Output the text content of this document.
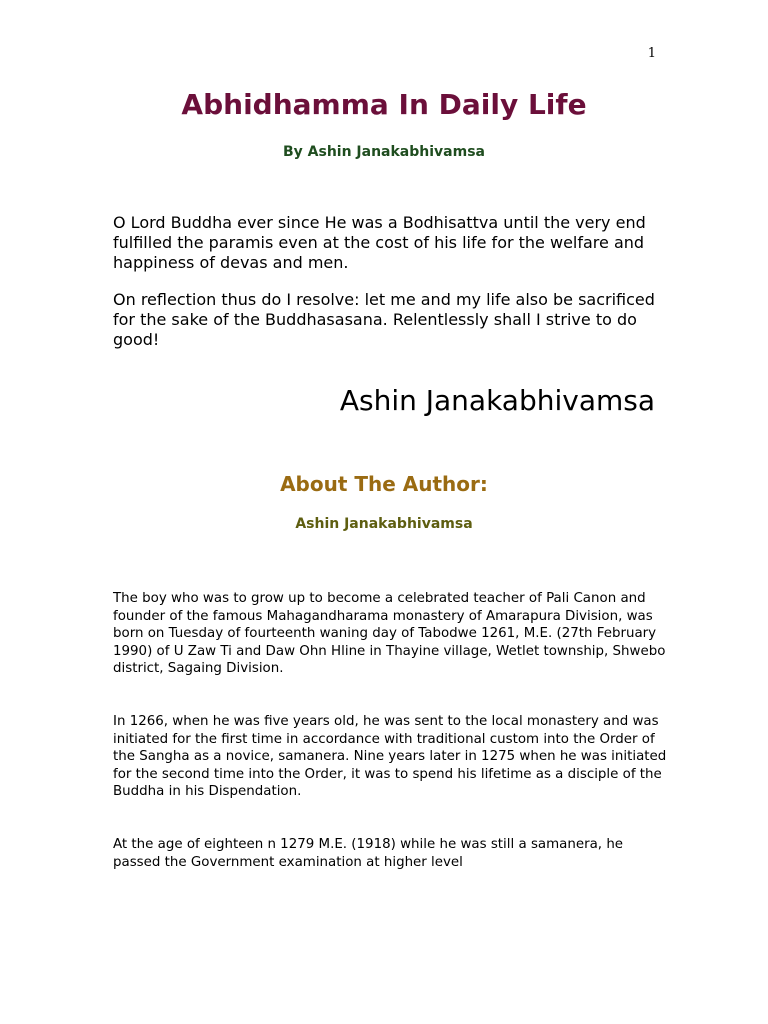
1
Abhidhamma In Daily Life
By Ashin Janakabhivamsa

O Lord Buddha ever since He was a Bodhisattva until the very end fulfilled the paramis even at the cost of his life for the welfare and happiness of devas and men.

On reflection thus do I resolve: let me and my life also be sacrificed for the sake of the Buddhasasana. Relentlessly shall I strive to do good!

Ashin Janakabhivamsa
About The Author:
Ashin Janakabhivamsa

The boy who was to grow up to become a celebrated teacher of Pali Canon and founder of the famous Mahagandharama monastery of Amarapura Division, was born on Tuesday of fourteenth waning day of Tabodwe 1261, M.E. (27th February 1990) of U Zaw Ti and Daw Ohn Hline in Thayine village, Wetlet township, Shwebo district, Sagaing Division.

In 1266, when he was five years old, he was sent to the local monastery and was initiated for the first time in accordance with traditional custom into the Order of the Sangha as a novice, samanera. Nine years later in 1275 when he was initiated for the second time into the Order, it was to spend his lifetime as a disciple of the Buddha in his Dispendation.

At the age of eighteen n 1279 M.E. (1918) while he was still a samanera, he passed the Government examination at higher level
